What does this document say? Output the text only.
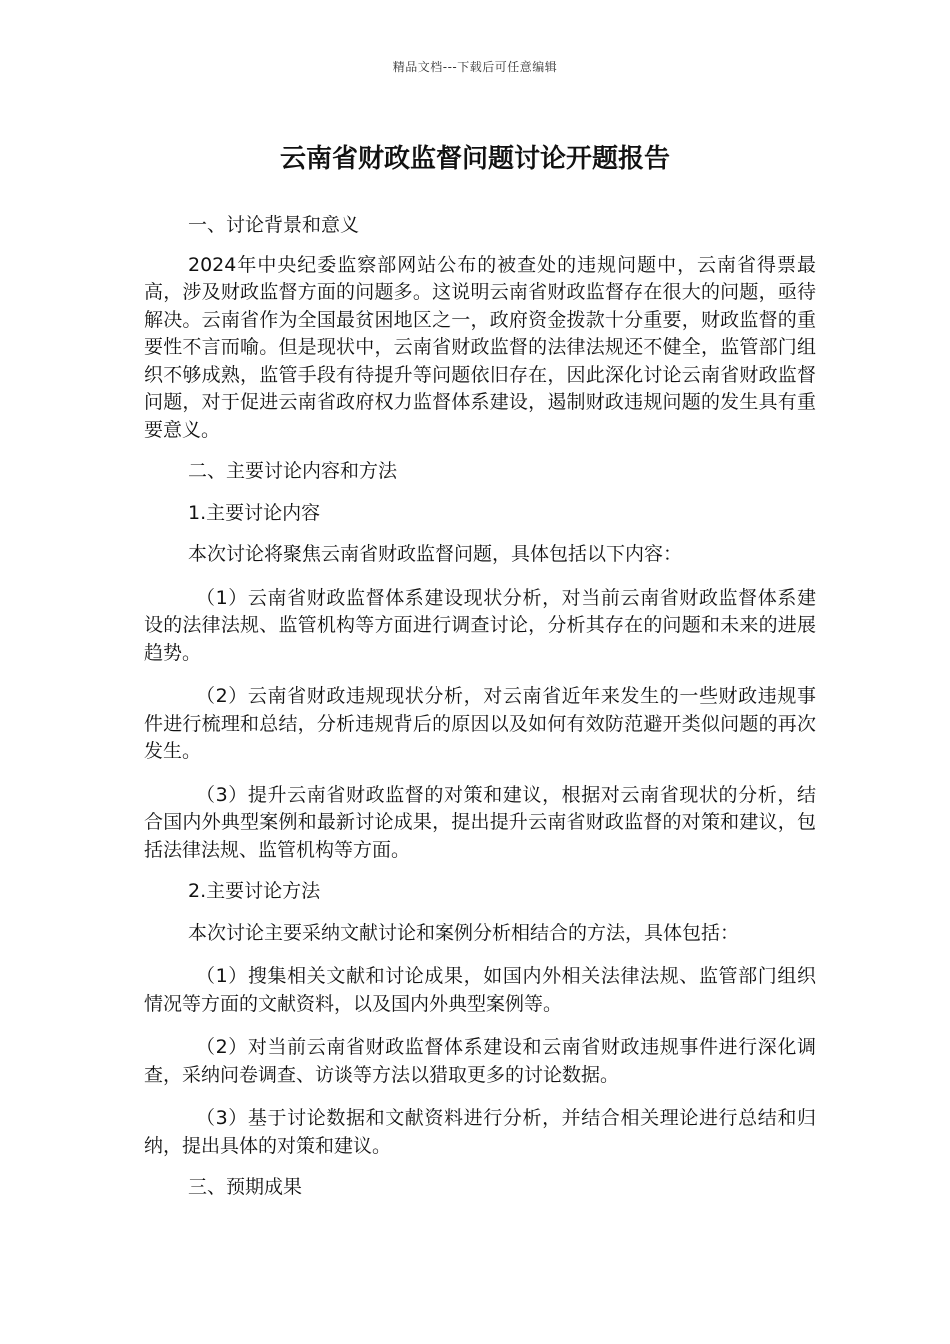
精品文档---下载后可任意编辑
云南省财政监督问题讨论开题报告

一、讨论背景和意义

2024年中央纪委监察部网站公布的被查处的违规问题中，云南省得票最高，涉及财政监督方面的问题多。这说明云南省财政监督存在很大的问题，亟待解决。云南省作为全国最贫困地区之一，政府资金拨款十分重要，财政监督的重要性不言而喻。但是现状中，云南省财政监督的法律法规还不健全，监管部门组织不够成熟，监管手段有待提升等问题依旧存在，因此深化讨论云南省财政监督问题，对于促进云南省政府权力监督体系建设，遏制财政违规问题的发生具有重要意义。

二、主要讨论内容和方法

1.主要讨论内容

本次讨论将聚焦云南省财政监督问题，具体包括以下内容：

（1）云南省财政监督体系建设现状分析，对当前云南省财政监督体系建设的法律法规、监管机构等方面进行调查讨论，分析其存在的问题和未来的进展趋势。

（2）云南省财政违规现状分析，对云南省近年来发生的一些财政违规事件进行梳理和总结，分析违规背后的原因以及如何有效防范避开类似问题的再次发生。

（3）提升云南省财政监督的对策和建议，根据对云南省现状的分析，结合国内外典型案例和最新讨论成果，提出提升云南省财政监督的对策和建议，包括法律法规、监管机构等方面。

2.主要讨论方法

本次讨论主要采纳文献讨论和案例分析相结合的方法，具体包括：

（1）搜集相关文献和讨论成果，如国内外相关法律法规、监管部门组织情况等方面的文献资料，以及国内外典型案例等。

（2）对当前云南省财政监督体系建设和云南省财政违规事件进行深化调查，采纳问卷调查、访谈等方法以猎取更多的讨论数据。

（3）基于讨论数据和文献资料进行分析，并结合相关理论进行总结和归纳，提出具体的对策和建议。

三、预期成果
